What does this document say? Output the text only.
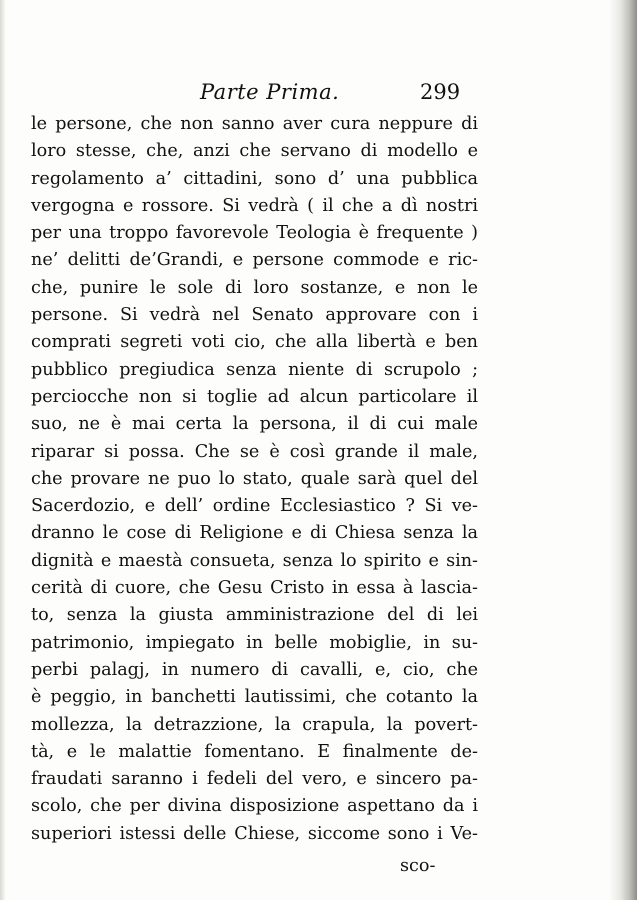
Parte Prima.	299
le persone, che non sanno aver cura neppure di
loro stesse, che, anzi che servano di modello e
regolamento a’ cittadini, sono d’ una pubblica
vergogna e rossore. Si vedrà ( il che a dì nostri
per una troppo favorevole Teologia è frequente )
ne’ delitti de’Grandi, e persone commode e ric-
che, punire le sole di loro sostanze, e non le
persone. Si vedrà nel Senato approvare con i
comprati segreti voti cio, che alla libertà e ben
pubblico pregiudica senza niente di scrupolo ;
perciocche non si toglie ad alcun particolare il
suo, ne è mai certa la persona, il di cui male
riparar si possa. Che se è così grande il male,
che provare ne puo lo stato, quale sarà quel del
Sacerdozio, e dell’ ordine Ecclesiastico ? Si ve-
dranno le cose di Religione e di Chiesa senza la
dignità e maestà consueta, senza lo spirito e sin-
cerità di cuore, che Gesu Cristo in essa à lascia-
to, senza la giusta amministrazione del di lei
patrimonio, impiegato in belle mobiglie, in su-
perbi palagj, in numero di cavalli, e, cio, che
è peggio, in banchetti lautissimi, che cotanto la
mollezza, la detrazzione, la crapula, la povert-
tà, e le malattie fomentano. E finalmente de-
fraudati saranno i fedeli del vero, e sincero pa-
scolo, che per divina disposizione aspettano da i
superiori istessi delle Chiese, siccome sono i Ve-
sco-
